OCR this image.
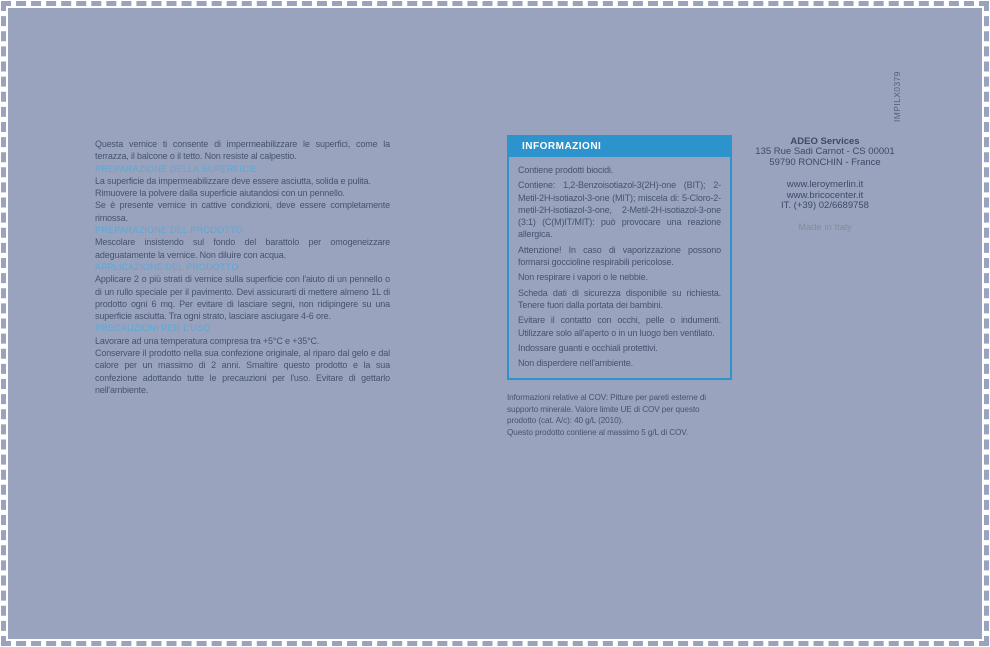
Questa vernice ti consente di impermeabilizzare le superfici, come la terrazza, il balcone o il tetto. Non resiste al calpestio.

PREPARAZIONE DELLA SUPERFICIE

La superficie da impermeabilizzare deve essere asciutta, solida e pulita.

Rimuovere la polvere dalla superficie aiutandosi con un pennello.

Se è presente vernice in cattive condizioni, deve essere completamente rimossa.

PREPARAZIONE DEL PRODOTTO

Mescolare insistendo sul fondo del barattolo per omogeneizzare adeguatamente la vernice. Non diluire con acqua.

APPLICAZIONE DEL PRODOTTO

Applicare 2 o più strati di vernice sulla superficie con l'aiuto di un pennello o di un rullo speciale per il pavimento. Devi assicurarti di mettere almeno 1L di prodotto ogni 6 mq. Per evitare di lasciare segni, non ridipingere su una superficie asciutta. Tra ogni strato, lasciare asciugare 4-6 ore.

PRECAUZIONI PER L'USO

Lavorare ad una temperatura compresa tra +5°C e +35°C.

Conservare il prodotto nella sua confezione originale, al riparo dal gelo e dal calore per un massimo di 2 anni. Smaltire questo prodotto e la sua confezione adottando tutte le precauzioni per l'uso. Evitare di gettarlo nell'ambiente.

INFORMAZIONI

Contiene prodotti biocidi.

Contiene: 1,2-Benzoisotiazol-3(2H)-one (BIT); 2-Metil-2H-isotiazol-3-one (MIT); miscela di: 5-Cloro-2-metil-2H-isotiazol-3-one, 2-Metil-2H-isotiazol-3-one (3:1) (C(M)IT/MIT): può provocare una reazione allergica.

Attenzione! In caso di vaporizzazione possono formarsi goccioline respirabili pericolose.

Non respirare i vapori o le nebbie.

Scheda dati di sicurezza disponibile su richiesta. Tenere fuori dalla portata dei bambini.

Evitare il contatto con occhi, pelle o indumenti. Utilizzare solo all'aperto o in un luogo ben ventilato.

Indossare guanti e occhiali protettivi.

Non disperdere nell'ambiente.

Informazioni relative al COV: Pitture per pareti esterne di supporto minerale. Valore limite UE di COV per questo prodotto (cat. A/c): 40 g/L (2010).

Questo prodotto contiene al massimo 5 g/L di COV.

ADEO Services
135 Rue Sadi Carnot - CS 00001
59790 RONCHIN - France
www.leroymerlin.it
www.bricocenter.it
IT. (+39) 02/6689758
Made in Italy
IMPILX0379
